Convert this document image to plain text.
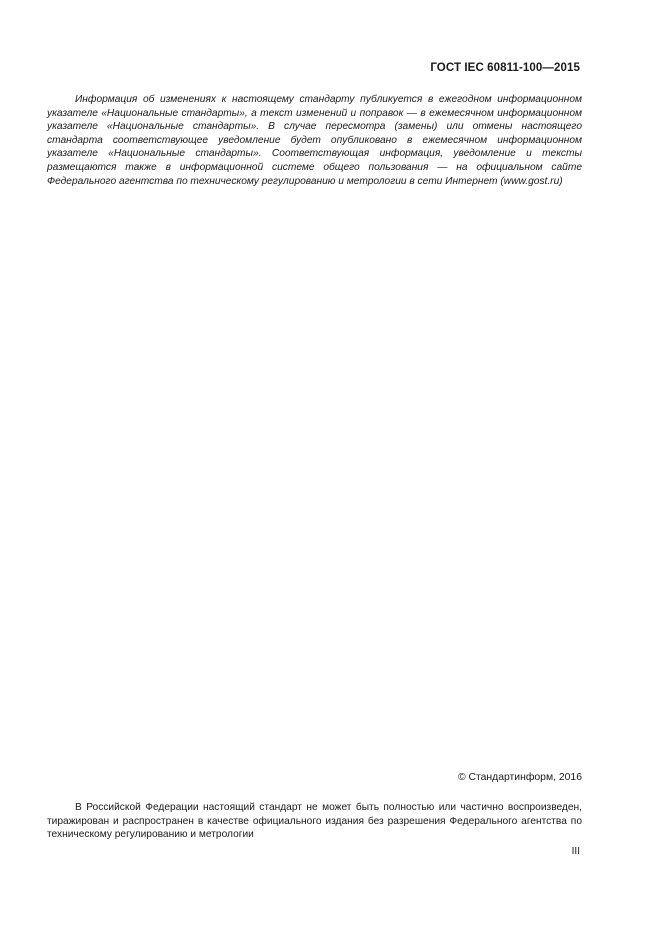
ГОСТ IEC 60811-100—2015

Информация об изменениях к настоящему стандарту публикуется в ежегодном информационном указателе «Национальные стандарты», а текст изменений и поправок — в ежемесячном информационном указателе «Национальные стандарты». В случае пересмотра (замены) или отмены настоящего стандарта соответствующее уведомление будет опубликовано в ежемесячном информационном указателе «Национальные стандарты». Соответствующая информация, уведомление и тексты размещаются также в информационной системе общего пользования — на официальном сайте Федерального агентства по техническому регулированию и метрологии в сети Интернет (www.gost.ru)

© Стандартинформ, 2016

В Российской Федерации настоящий стандарт не может быть полностью или частично воспроизведен, тиражирован и распространен в качестве официального издания без разрешения Федерального агентства по техническому регулированию и метрологии

III
